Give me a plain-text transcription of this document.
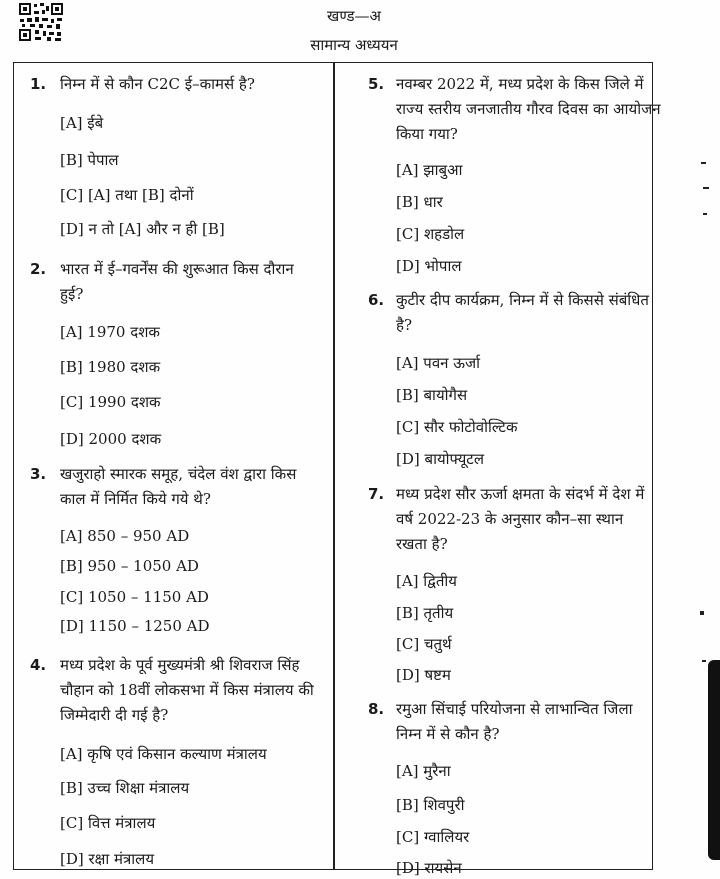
खण्ड—अ
सामान्य अध्ययन
1. निम्न में से कौन C2C ई–कामर्स है?
[A] ईबे
[B] पेपाल
[C] [A] तथा [B] दोनों
[D] न तो [A] और न ही [B]
2. भारत में ई–गवर्नेंस की शुरूआत किस दौरान
हुई?
[A] 1970 दशक
[B] 1980 दशक
[C] 1990 दशक
[D] 2000 दशक
3. खजुराहो स्मारक समूह, चंदेल वंश द्वारा किस
काल में निर्मित किये गये थे?
[A] 850 – 950 AD
[B] 950 – 1050 AD
[C] 1050 – 1150 AD
[D] 1150 – 1250 AD
4. मध्य प्रदेश के पूर्व मुख्यमंत्री श्री शिवराज सिंह
चौहान को 18वीं लोकसभा में किस मंत्रालय की
जिम्मेदारी दी गई है?
[A] कृषि एवं किसान कल्याण मंत्रालय
[B] उच्च शिक्षा मंत्रालय
[C] वित्त मंत्रालय
[D] रक्षा मंत्रालय
5. नवम्बर 2022 में, मध्य प्रदेश के किस जिले में
राज्य स्तरीय जनजातीय गौरव दिवस का आयोजन
किया गया?
[A] झाबुआ
[B] धार
[C] शहडोल
[D] भोपाल
6. कुटीर दीप कार्यक्रम, निम्न में से किससे संबंधित
है?
[A] पवन ऊर्जा
[B] बायोगैस
[C] सौर फोटोवोल्टिक
[D] बायोफ्यूटल
7. मध्य प्रदेश सौर ऊर्जा क्षमता के संदर्भ में देश में
वर्ष 2022-23 के अनुसार कौन–सा स्थान
रखता है?
[A] द्वितीय
[B] तृतीय
[C] चतुर्थ
[D] षष्टम
8. रमुआ सिंचाई परियोजना से लाभान्वित जिला
निम्न में से कौन है?
[A] मुरैना
[B] शिवपुरी
[C] ग्वालियर
[D] रायसेन
